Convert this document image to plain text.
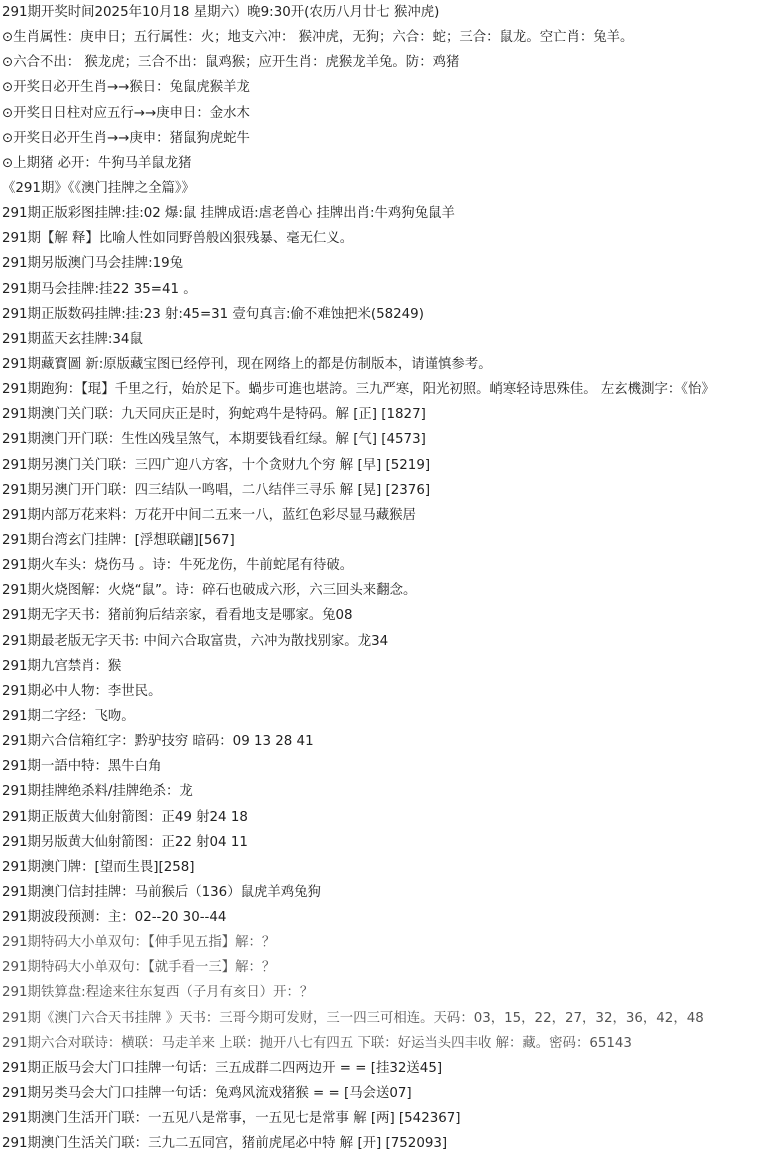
291期开奖时间2025年10月18 星期六）晚9:30开(农历八月廿七 猴冲虎)
⊙生肖属性：庚申日；五行属性：火；地支六冲： 猴冲虎，无狗；六合：蛇；三合：鼠龙。空亡肖：兔羊。
⊙六合不出： 猴龙虎；三合不出：鼠鸡猴；应开生肖：虎猴龙羊兔。防：鸡猪
⊙开奖日必开生肖→→猴日：兔鼠虎猴羊龙
⊙开奖日日柱对应五行→→庚申日：金水木
⊙开奖日必开生肖→→庚申：猪鼠狗虎蛇牛
⊙上期猪 必开：牛狗马羊鼠龙猪
《291期》《《澳门挂牌之全篇》》
291期正版彩图挂牌:挂:02 爆:鼠 挂牌成语:虐老兽心 挂牌出肖:牛鸡狗兔鼠羊
291期【解 释】比喻人性如同野兽般凶狠残暴、毫无仁义。
291期另版澳门马会挂牌:19兔
291期马会挂牌:挂22 35=41 。
291期正版数码挂牌:挂:23 射:45=31 壹句真言:偷不难蚀把米(58249)
291期蓝天玄挂牌:34鼠
291期藏寳圖 新:原版藏宝图已经停刊，现在网络上的都是仿制版本，请谨慎参考。
291期跑狗：【琨】千里之行，始於足下。蝸步可進也堪誇。三九严寒，阳光初照。峭寒轻诗思殊佳。 左玄機測字：《怡》
291期澳门关门联：九天同庆正是时，狗蛇鸡牛是特码。解 [正] [1827]
291期澳门开门联：生性凶残呈煞气，本期要钱看红绿。解 [气] [4573]
291期另澳门关门联：三四广迎八方客，十个贪财九个穷 解 [早] [5219]
291期另澳门开门联：四三结队一鸣唱，二八结伴三寻乐 解 [晃] [2376]
291期内部万花来料：万花开中间二五来一八，蓝红色彩尽显马藏猴居
291期台湾玄门挂牌：[浮想联翩][567]
291期火车头：烧伤马 。诗：牛死龙伤，牛前蛇尾有待破。
291期火烧图解：火烧“鼠”。诗：碎石也破成六形，六三回头来翻念。
291期无字天书：猪前狗后结亲家，看看地支是哪家。兔08
291期最老版无字天书: 中间六合取富贵，六冲为散找别家。龙34
291期九宫禁肖：猴
291期必中人物：李世民。
291期二字经：飞吻。
291期六合信箱红字：黔驴技穷 暗码：09 13 28 41
291期一語中特：黑牛白角
291期挂牌绝杀料/挂牌绝杀：龙
291期正版黄大仙射箭图：正49 射24 18
291期另版黄大仙射箭图：正22 射04 11
291期澳门牌：[望而生畏][258]
291期澳门信封挂牌：马前猴后（136）鼠虎羊鸡兔狗
291期波段预测：主：02--20 30--44
291期特码大小单双句：【伸手见五指】解：？
291期特码大小单双句：【就手看一三】解：？
291期铁算盘:程途来往东复西（子月有亥日）开：？
291期《澳门六合天书挂牌 》天书：三哥今期可发财，三一四三可相连。天码：03，15，22，27，32，36，42，48
291期六合对联诗：横联：马走羊来 上联：抛开八七有四五 下联：好运当头四丰收 解：藏。密码：65143
291期正版马会大门口挂牌一句话：三五成群二四两边开 = = [挂32送45]
291期另类马会大门口挂牌一句话：兔鸡风流戏猪猴 = = [马会送07]
291期澳门生活开门联：一五见八是常事，一五见七是常事 解 [两] [542367]
291期澳门生活关门联：三九二五同宫，猪前虎尾必中特 解 [开] [752093]
